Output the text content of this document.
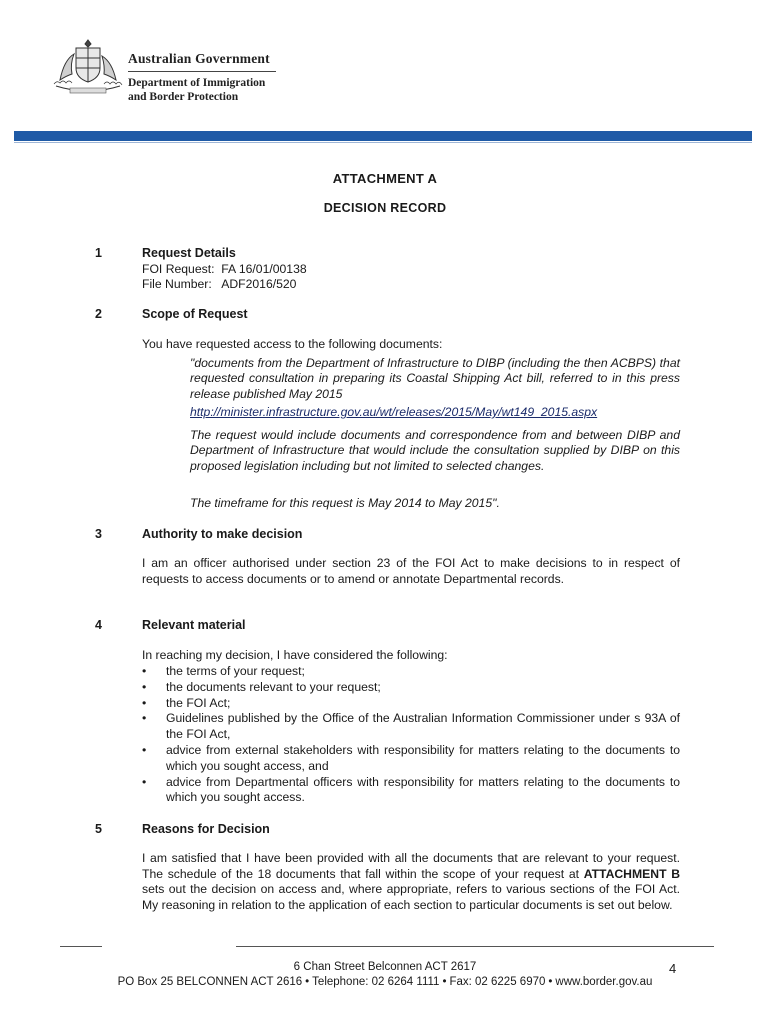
Australian Government
Department of Immigration
and Border Protection
ATTACHMENT A
DECISION RECORD
1	Request Details
FOI Request:  FA 16/01/00138
File Number:   ADF2016/520
2	Scope of Request
You have requested access to the following documents:
"documents from the Department of Infrastructure to DIBP (including the then ACBPS) that requested consultation in preparing its Coastal Shipping Act bill, referred to in this press release published May 2015
http://minister.infrastructure.gov.au/wt/releases/2015/May/wt149_2015.aspx
The request would include documents and correspondence from and between DIBP and Department of Infrastructure that would include the consultation supplied by DIBP on this proposed legislation including but not limited to selected changes.
The timeframe for this request is May 2014 to May 2015".
3	Authority to make decision
I am an officer authorised under section 23 of the FOI Act to make decisions to in respect of requests to access documents or to amend or annotate Departmental records.
4	Relevant material
In reaching my decision, I have considered the following:
• the terms of your request;
• the documents relevant to your request;
• the FOI Act;
• Guidelines published by the Office of the Australian Information Commissioner under s 93A of the FOI Act,
• advice from external stakeholders with responsibility for matters relating to the documents to which you sought access, and
• advice from Departmental officers with responsibility for matters relating to the documents to which you sought access.
5	Reasons for Decision
I am satisfied that I have been provided with all the documents that are relevant to your request. The schedule of the 18 documents that fall within the scope of your request at ATTACHMENT B sets out the decision on access and, where appropriate, refers to various sections of the FOI Act. My reasoning in relation to the application of each section to particular documents is set out below.
6 Chan Street Belconnen ACT 2617	4
PO Box 25 BELCONNEN ACT 2616 • Telephone: 02 6264 1111 • Fax: 02 6225 6970 • www.border.gov.au
